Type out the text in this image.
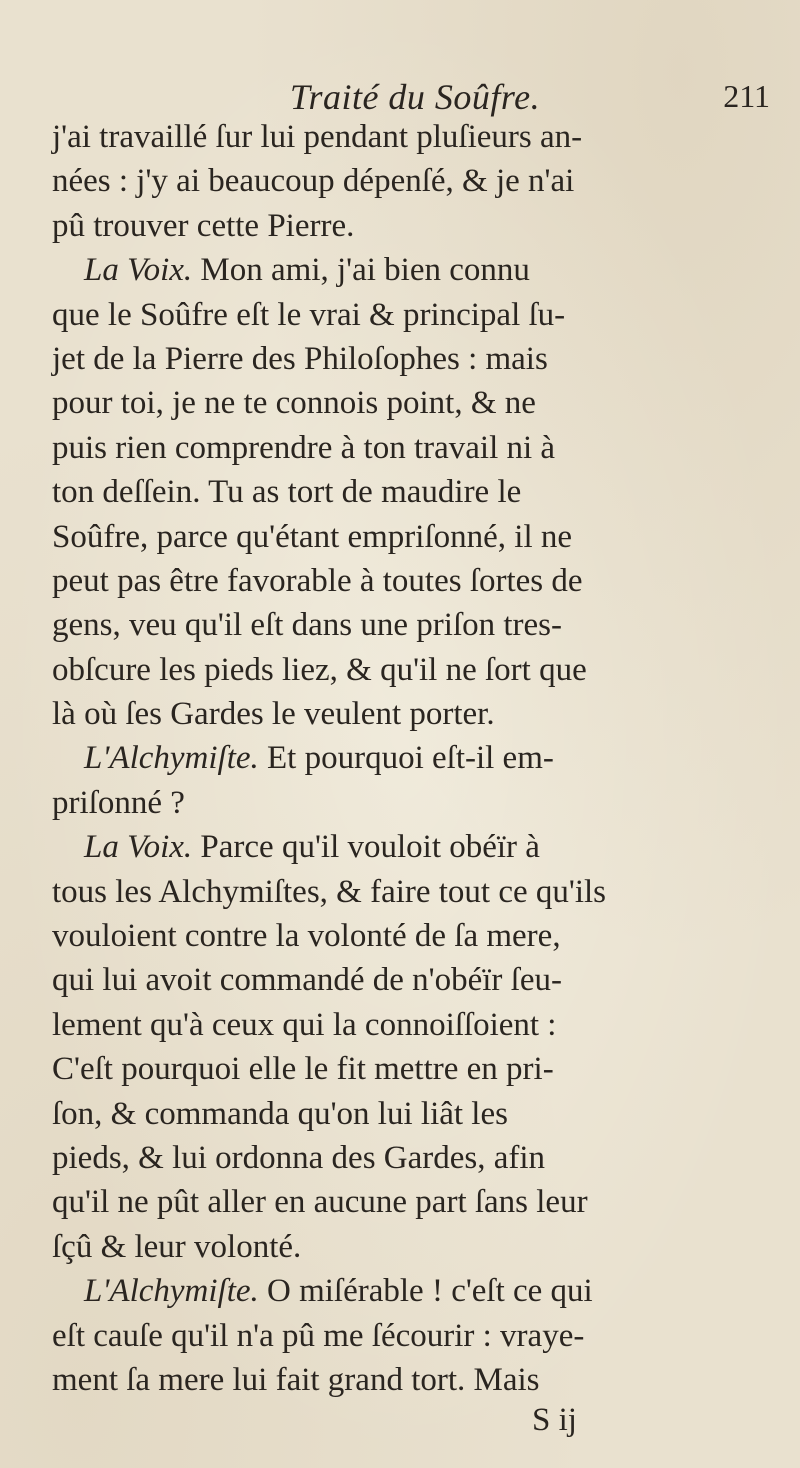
Traité du Soûfre.	211
j'ai travaillé ſur lui pendant pluſieurs an-
nées : j'y ai beaucoup dépenſé, & je n'ai
pû trouver cette Pierre.
La Voix. Mon ami, j'ai bien connu
que le Soûfre eſt le vrai & principal ſu-
jet de la Pierre des Philoſophes : mais
pour toi, je ne te connois point, & ne
puis rien comprendre à ton travail ni à
ton deſſein. Tu as tort de maudire le
Soûfre, parce qu'étant empriſonné, il ne
peut pas être favorable à toutes ſortes de
gens, veu qu'il eſt dans une priſon tres-
obſcure les pieds liez, & qu'il ne ſort que
là où ſes Gardes le veulent porter.
L'Alchymiſte. Et pourquoi eſt-il em-
priſonné ?
La Voix. Parce qu'il vouloit obéïr à
tous les Alchymiſtes, & faire tout ce qu'ils
vouloient contre la volonté de ſa mere,
qui lui avoit commandé de n'obéïr ſeu-
lement qu'à ceux qui la connoiſſoient :
C'eſt pourquoi elle le fit mettre en pri-
ſon, & commanda qu'on lui liât les
pieds, & lui ordonna des Gardes, afin
qu'il ne pût aller en aucune part ſans leur
ſçû & leur volonté.
L'Alchymiſte. O miſérable ! c'eſt ce qui
eſt cauſe qu'il n'a pû me ſécourir : vraye-
ment ſa mere lui fait grand tort. Mais
S ij
